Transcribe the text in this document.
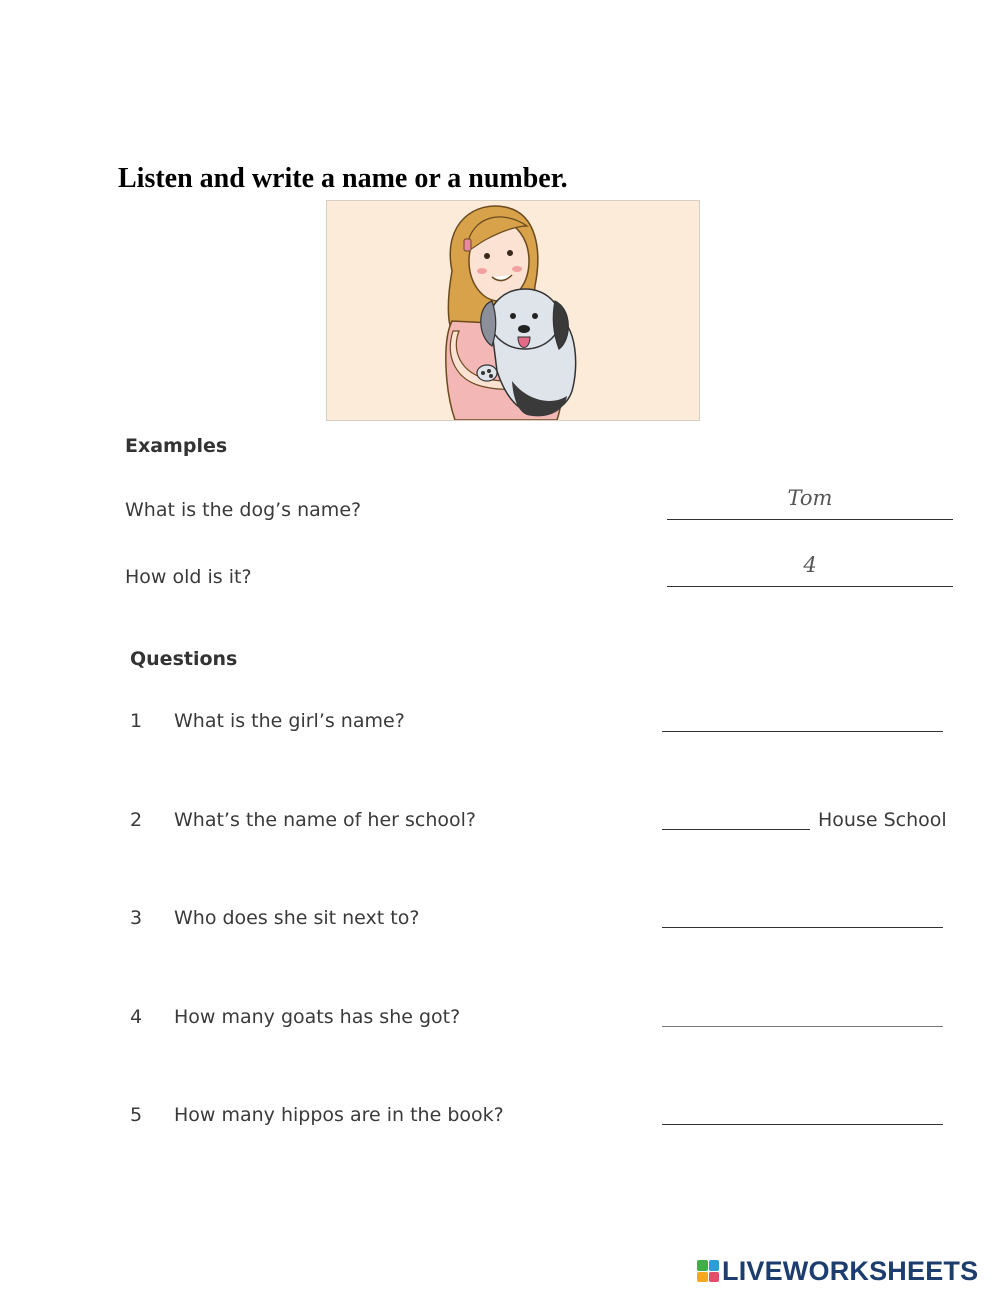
Listen and write a name or a number.
Examples
What is the dog’s name?	Tom
How old is it?	4
Questions
1 What is the girl’s name?
2 What’s the name of her school?	House School
3 Who does she sit next to?
4 How many goats has she got?
5 How many hippos are in the book?
LIVEWORKSHEETS
